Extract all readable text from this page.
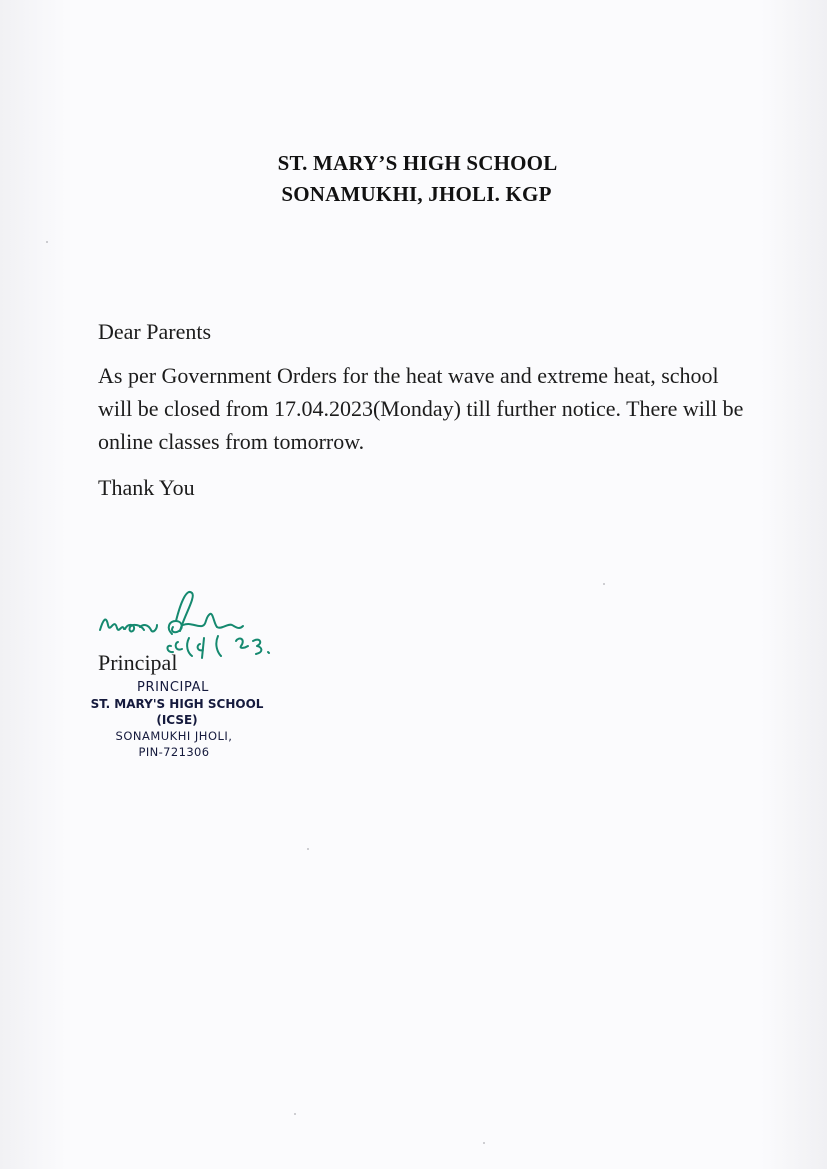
ST. MARY’S HIGH SCHOOL
SONAMUKHI, JHOLI. KGP
Dear Parents
As per Government Orders for the heat wave and extreme heat, school will be closed from 17.04.2023(Monday) till further notice. There will be online classes from tomorrow.
Thank You
Principal
PRINCIPAL
ST. MARY'S HIGH SCHOOL (ICSE)
SONAMUKHI JHOLI,
PIN-721306
